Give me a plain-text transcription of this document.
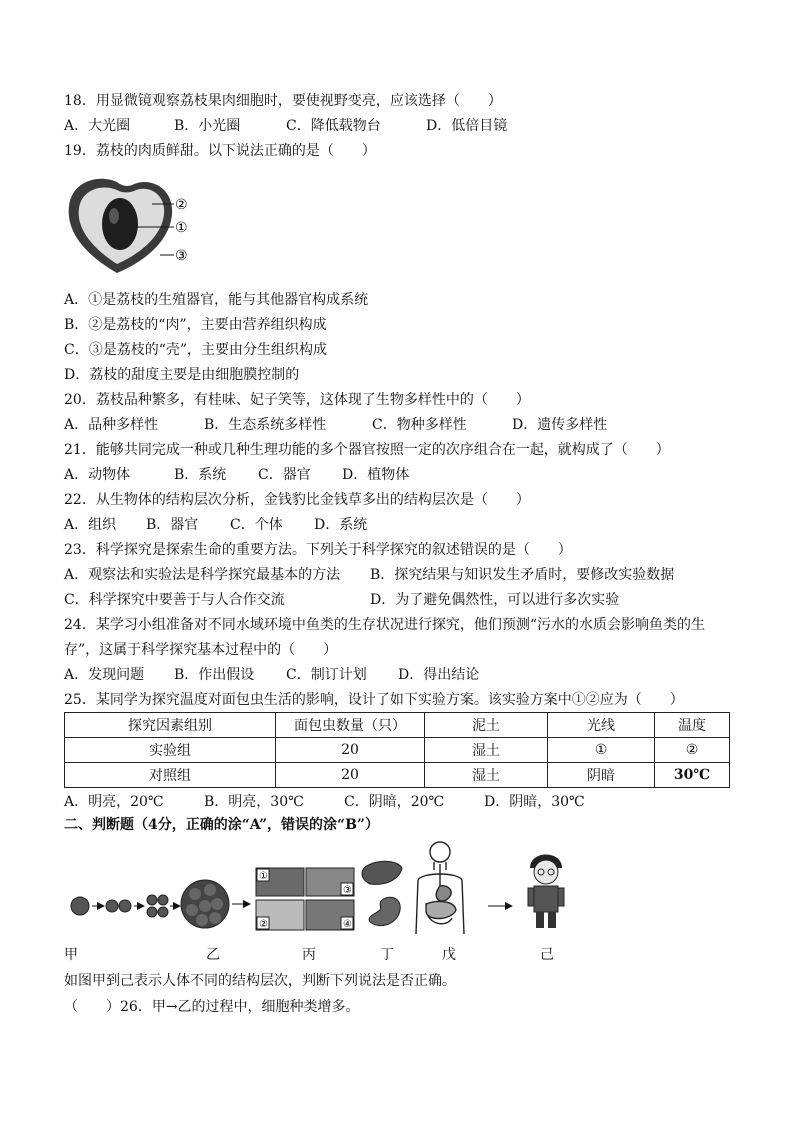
18．用显微镜观察荔枝果肉细胞时，要使视野变亮，应该选择（　　）
A．大光圈	B．小光圈	C．降低载物台	D．低倍目镜
19．荔枝的肉质鲜甜。以下说法正确的是（　　）
②
①
③
A．①是荔枝的生殖器官，能与其他器官构成系统
B．②是荔枝的“肉”，主要由营养组织构成
C．③是荔枝的“壳”，主要由分生组织构成
D．荔枝的甜度主要是由细胞膜控制的
20．荔枝品种繁多，有桂味、妃子笑等，这体现了生物多样性中的（　　）
A．品种多样性	B．生态系统多样性	C．物种多样性	D．遗传多样性
21．能够共同完成一种或几种生理功能的多个器官按照一定的次序组合在一起，就构成了（　　）
A．动物体	B．系统 C．器官 D．植物体
22．从生物体的结构层次分析，金钱豹比金钱草多出的结构层次是（　　）
A．组织 B．器官 C．个体 D．系统
23．科学探究是探索生命的重要方法。下列关于科学探究的叙述错误的是（　　）
A．观察法和实验法是科学探究最基本的方法 B．探究结果与知识发生矛盾时，要修改实验数据
C．科学探究中要善于与人合作交流	D．为了避免偶然性，可以进行多次实验
24．某学习小组准备对不同水域环境中鱼类的生存状况进行探究，他们预测“污水的水质会影响鱼类的生
存”，这属于科学探究基本过程中的（　　）
A．发现问题 B．作出假设 C．制订计划 D．得出结论
25．某同学为探究温度对面包虫生活的影响，设计了如下实验方案。该实验方案中①②应为（　　）
探究因素组别	面包虫数量（只）	泥土	光线	温度
实验组	20	湿土	①	②
对照组	20	湿土	阴暗	30℃
A．明亮，20℃	B．明亮，30℃	C．阴暗，20℃	D．阴暗，30℃
二、判断题（4分，正确的涂“A”，错误的涂“B”）
①
③
②	④
甲	乙	丙	丁	戊	己
如图甲到己表示人体不同的结构层次，判断下列说法是否正确。
（　　）26．甲→乙的过程中，细胞种类增多。
